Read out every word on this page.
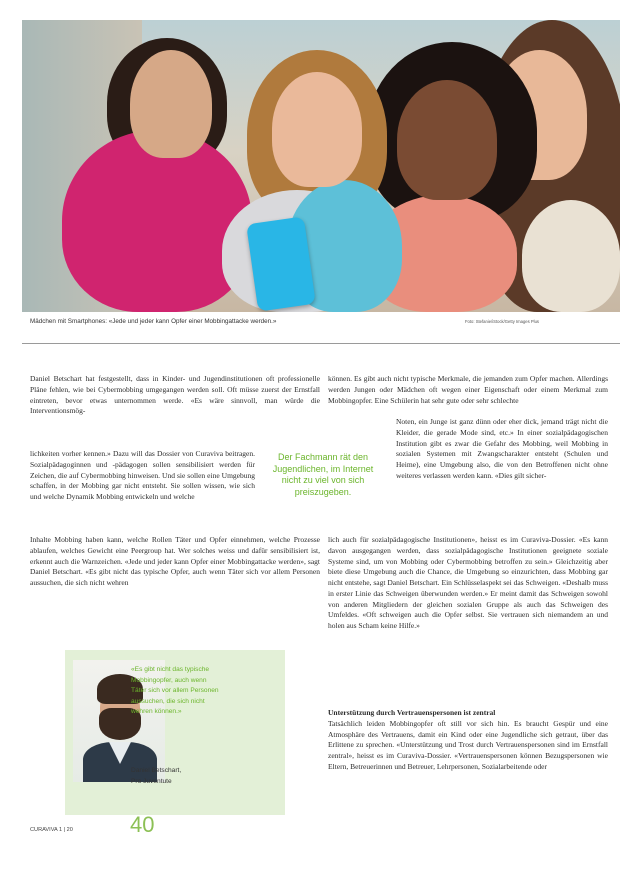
Mädchen mit Smartphones: «Jede und jeder kann Opfer einer Mobbingattacke werden.»	Foto: Stefanie/iStock/Getty Images Plus

Daniel Betschart hat festgestellt, dass in Kinder- und Jugendinstitutionen oft professionelle Pläne fehlen, wie bei Cybermobbing umgegangen werden soll. Oft müsse zuerst der Ernstfall eintreten, bevor etwas unternommen werde. «Es wäre sinnvoll, man würde die Interventionsmög-

lichkeiten vorher kennen.» Dazu will das Dossier von Curaviva beitragen. Sozialpädagoginnen und -pädagogen sollen sensibilisiert werden für Zeichen, die auf Cybermobbing hinweisen. Und sie sollen eine Umgebung schaffen, in der Mobbing gar nicht entsteht. Sie sollen wissen, wie sich und welche Dynamik Mobbing entwickeln und welche

Inhalte Mobbing haben kann, welche Rollen Täter und Opfer einnehmen, welche Prozesse ablaufen, welches Gewicht eine Peergroup hat. Wer solches weiss und dafür sensibilisiert ist, erkennt auch die Warnzeichen. «Jede und jeder kann Opfer einer Mobbingattacke werden», sagt Daniel Betschart. «Es gibt nicht das typische Opfer, auch wenn Täter sich vor allem Personen aussuchen, die sich nicht wehren

Der Fachmann rät den Jugendlichen, im Internet nicht zu viel von sich preiszugeben.

können. Es gibt auch nicht typische Merkmale, die jemanden zum Opfer machen. Allerdings werden Jungen oder Mädchen oft wegen einer Eigenschaft oder einem Merkmal zum Mobbingopfer. Eine Schülerin hat sehr gute oder sehr schlechte

Noten, ein Junge ist ganz dünn oder eher dick, jemand trägt nicht die Kleider, die gerade Mode sind, etc.» In einer sozialpädagogischen Institution gibt es zwar die Gefahr des Mobbing, weil Mobbing in sozialen Systemen mit Zwangscharakter entsteht (Schulen und Heime), eine Umgebung also, die von den Betroffenen nicht ohne weiteres verlassen werden kann. «Dies gilt sicher-

lich auch für sozialpädagogische Institutionen», heisst es im Curaviva-Dossier. «Es kann davon ausgegangen werden, dass sozialpädagogische Institutionen geeignete soziale Systeme sind, um von Mobbing oder Cybermobbing betroffen zu sein.» Gleichzeitig aber biete diese Umgebung auch die Chance, die Umgebung so einzurichten, dass Mobbing gar nicht entstehe, sagt Daniel Betschart. Ein Schlüsselaspekt sei das Schweigen. «Deshalb muss in erster Linie das Schweigen überwunden werden.» Er meint damit das Schweigen sowohl von anderen Mitgliedern der gleichen sozialen Gruppe als auch das Schweigen des Umfeldes. «Oft schweigen auch die Opfer selbst. Sie vertrauen sich niemandem an und holen aus Scham keine Hilfe.»

Unterstützung durch Vertrauenspersonen ist zentral

Tatsächlich leiden Mobbingopfer oft still vor sich hin. Es braucht Gespür und eine Atmosphäre des Vertrauens, damit ein Kind oder eine Jugendliche sich getraut, über das Erlittene zu sprechen. «Unterstützung und Trost durch Vertrauenspersonen sind im Ernstfall zentral», heisst es im Curaviva-Dossier. «Vertrauenspersonen können Bezugspersonen wie Eltern, Betreuerinnen und Betreuer, Lehrpersonen, Sozialarbeitende oder

«Es gibt nicht das typische Mobbingopfer, auch wenn Täter sich vor allem Personen aussuchen, die sich nicht wehren können.»
Daniel Betschart,
Pro Juventute
CURAVIVA 1 | 20	40
